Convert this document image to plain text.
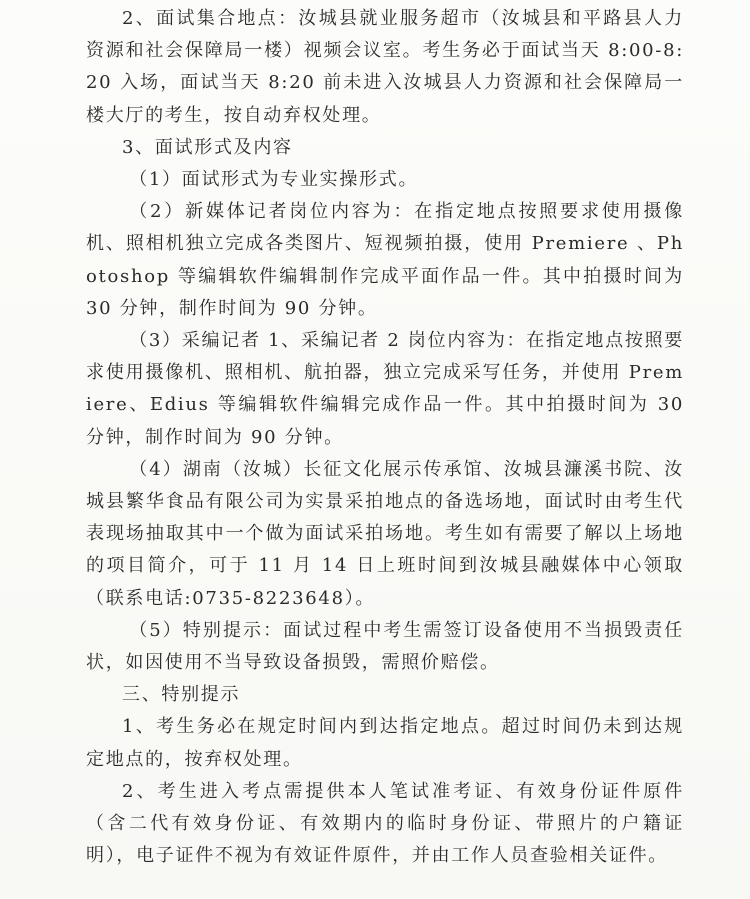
2、面试集合地点：汝城县就业服务超市（汝城县和平路县人力资源和社会保障局一楼）视频会议室。考生务必于面试当天 8:00-8:20 入场，面试当天 8:20 前未进入汝城县人力资源和社会保障局一楼大厅的考生，按自动弃权处理。

3、面试形式及内容

（1）面试形式为专业实操形式。

（2）新媒体记者岗位内容为：在指定地点按照要求使用摄像机、照相机独立完成各类图片、短视频拍摄，使用 Premiere 、Photoshop 等编辑软件编辑制作完成平面作品一件。其中拍摄时间为 30 分钟，制作时间为 90 分钟。

（3）采编记者 1、采编记者 2 岗位内容为：在指定地点按照要求使用摄像机、照相机、航拍器，独立完成采写任务，并使用 Premiere、Edius 等编辑软件编辑完成作品一件。其中拍摄时间为 30 分钟，制作时间为 90 分钟。

（4）湖南（汝城）长征文化展示传承馆、汝城县濂溪书院、汝城县繁华食品有限公司为实景采拍地点的备选场地，面试时由考生代表现场抽取其中一个做为面试采拍场地。考生如有需要了解以上场地的项目简介，可于 11 月 14 日上班时间到汝城县融媒体中心领取（联系电话:0735-8223648）。

（5）特别提示：面试过程中考生需签订设备使用不当损毁责任状，如因使用不当导致设备损毁，需照价赔偿。

三、特别提示

1、考生务必在规定时间内到达指定地点。超过时间仍未到达规定地点的，按弃权处理。

2、考生进入考点需提供本人笔试准考证、有效身份证件原件（含二代有效身份证、有效期内的临时身份证、带照片的户籍证明），电子证件不视为有效证件原件，并由工作人员查验相关证件。
